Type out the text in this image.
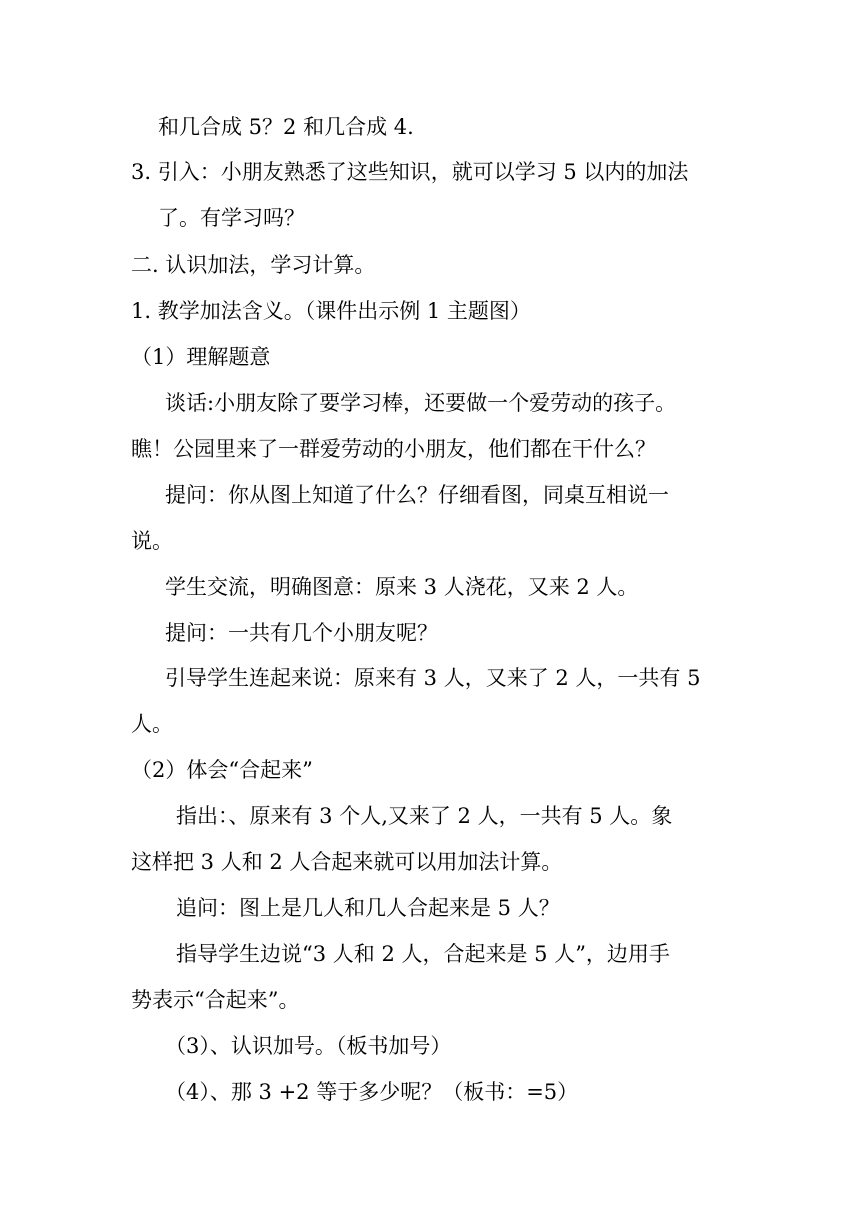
和几合成 5？2 和几合成 4.
3. 引入：小朋友熟悉了这些知识，就可以学习 5 以内的加法
了。有学习吗？
二. 认识加法，学习计算。
1. 教学加法含义。（课件出示例 1 主题图）
（1）理解题意
谈话:小朋友除了要学习棒，还要做一个爱劳动的孩子。
瞧！公园里来了一群爱劳动的小朋友，他们都在干什么？
提问：你从图上知道了什么？仔细看图，同桌互相说一
说。
学生交流，明确图意：原来 3 人浇花，又来 2 人。
提问：一共有几个小朋友呢？
引导学生连起来说：原来有 3 人，又来了 2 人，一共有 5
人。
（2）体会“合起来”
指出：、原来有 3 个人,又来了 2 人，一共有 5 人。象
这样把 3 人和 2 人合起来就可以用加法计算。
追问：图上是几人和几人合起来是 5 人？
指导学生边说“3 人和 2 人，合起来是 5 人”，边用手
势表示“合起来”。
（3）、认识加号。（板书加号）
（4）、那 3 +2 等于多少呢？（板书：=5）
